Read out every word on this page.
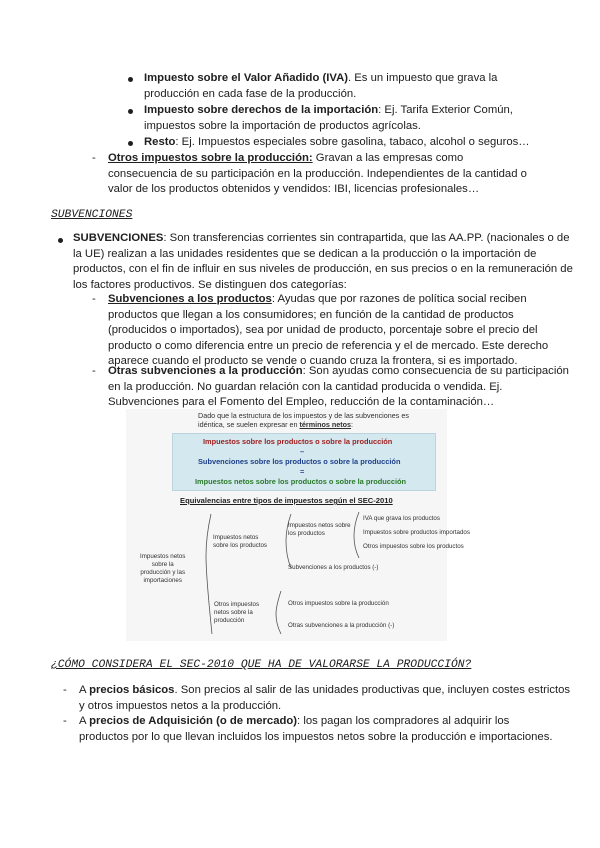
Impuesto sobre el Valor Añadido (IVA). Es un impuesto que grava la
producción en cada fase de la producción.

Impuesto sobre derechos de la importación: Ej. Tarifa Exterior Común,
impuestos sobre la importación de productos agrícolas.

Resto: Ej. Impuestos especiales sobre gasolina, tabaco, alcohol o seguros…

- Otros impuestos sobre la producción: Gravan a las empresas como
consecuencia de su participación en la producción. Independientes de la cantidad o
valor de los productos obtenidos y vendidos: IBI, licencias profesionales…

SUBVENCIONES

SUBVENCIONES: Son transferencias corrientes sin contrapartida, que las AA.PP. (nacionales o de
la UE) realizan a las unidades residentes que se dedican a la producción o la importación de
productos, con el fin de influir en sus niveles de producción, en sus precios o en la remuneración de
los factores productivos. Se distinguen dos categorías:

- Subvenciones a los productos: Ayudas que por razones de política social reciben
productos que llegan a los consumidores; en función de la cantidad de productos
(producidos o importados), sea por unidad de producto, porcentaje sobre el precio del
producto o como diferencia entre un precio de referencia y el de mercado. Este derecho
aparece cuando el producto se vende o cuando cruza la frontera, si es importado.

- Otras subvenciones a la producción: Son ayudas como consecuencia de su participación
en la producción. No guardan relación con la cantidad producida o vendida. Ej.
Subvenciones para el Fomento del Empleo, reducción de la contaminación…

Dado que la estructura de los impuestos y de las subvenciones es
idéntica, se suelen expresar en términos netos:
Impuestos sobre los productos o sobre la producción
–
Subvenciones sobre los productos o sobre la producción
=
Impuestos netos sobre los productos o sobre la producción
Equivalencias entre tipos de impuestos según el SEC-2010
Impuestos netos
sobre la
producción y las
importaciones
Impuestos netos
sobre los productos
Impuestos netos sobre
los productos
IVA que grava los productos
Impuestos sobre productos importados
Otros impuestos sobre los productos
Subvenciones a los productos (-)
Otros impuestos
netos sobre la
producción
Otros impuestos sobre la producción
Otras subvenciones a la producción (-)
¿CÓMO CONSIDERA EL SEC-2010 QUE HA DE VALORARSE LA PRODUCCIÓN?
- A precios básicos. Son precios al salir de las unidades productivas que, incluyen costes estrictos
y otros impuestos netos a la producción.

- A precios de Adquisición (o de mercado): los pagan los compradores al adquirir los
productos por lo que llevan incluidos los impuestos netos sobre la producción e importaciones.
